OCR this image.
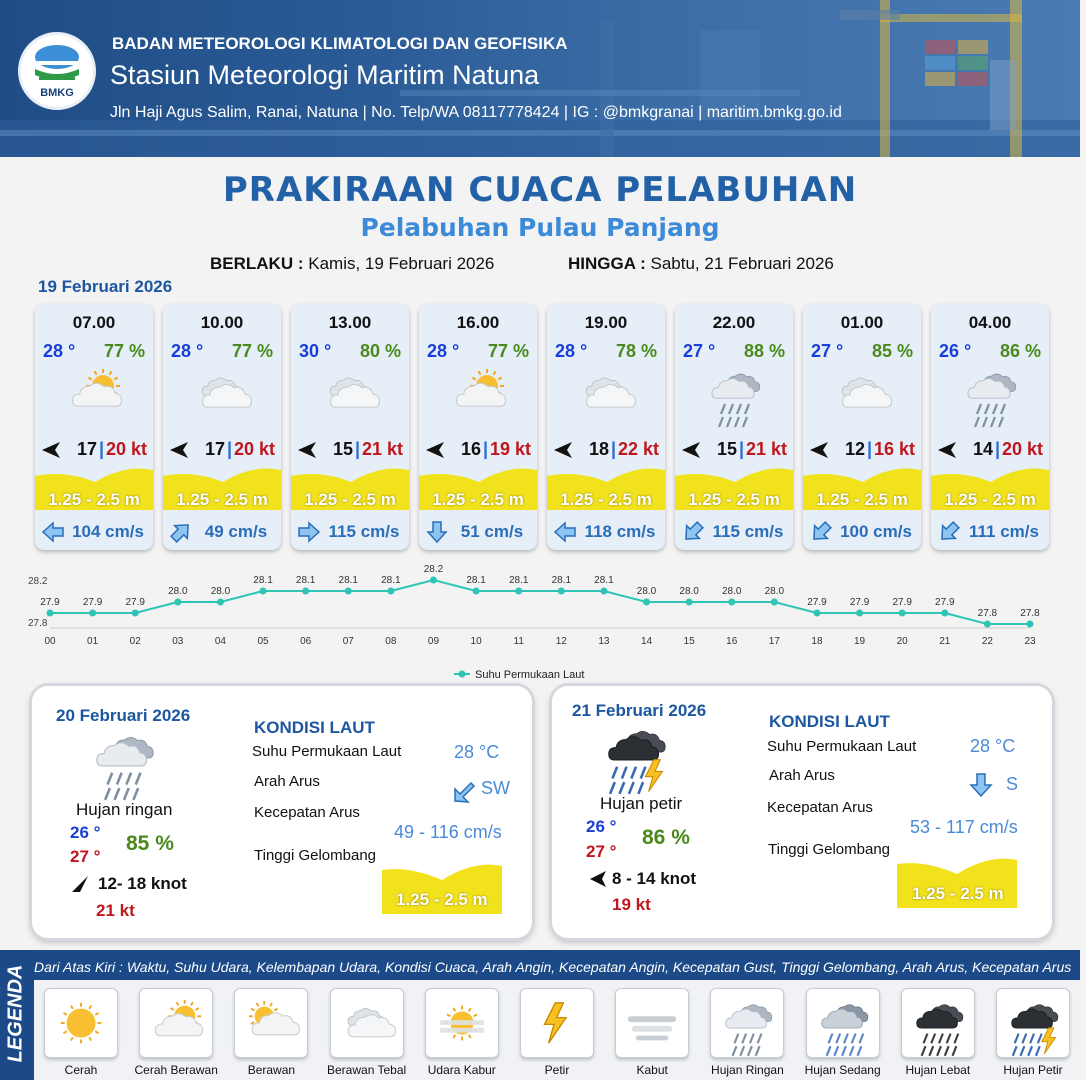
BMKG
BADAN METEOROLOGI KLIMATOLOGI DAN GEOFISIKA
Stasiun Meteorologi Maritim Natuna
Jln Haji Agus Salim, Ranai, Natuna | No. Telp/WA 08117778424 | IG : @bmkgranai | maritim.bmkg.go.id
PRAKIRAAN CUACA PELABUHAN
Pelabuhan Pulau Panjang
BERLAKU : Kamis, 19 Februari 2026	HINGGA : Sabtu, 21 Februari 2026
19 Februari 2026
07.00
28 ° 77 %
17 | 20 kt
1.25 - 2.5 m
104 cm/s
10.00
28 ° 77 %
17 | 20 kt
1.25 - 2.5 m
49 cm/s
13.00
30 ° 80 %
15 | 21 kt
1.25 - 2.5 m
115 cm/s
16.00
28 ° 77 %
16 | 19 kt
1.25 - 2.5 m
51 cm/s
19.00
28 ° 78 %
18 | 22 kt
1.25 - 2.5 m
118 cm/s
22.00
27 ° 88 %
15 | 21 kt
1.25 - 2.5 m
115 cm/s
01.00
27 ° 85 %
12 | 16 kt
1.25 - 2.5 m
100 cm/s
04.00
26 ° 86 %
14 | 20 kt
1.25 - 2.5 m
111 cm/s
28.2
27.8
27.9
00
27.9
01
27.9
02
28.0
03
28.0
04
28.1
05
28.1
06
28.1
07
28.1
08
28.2
09
28.1
10
28.1
11
28.1
12
28.1
13
28.0
14
28.0
15
28.0
16
28.0
17
27.9
18
27.9
19
27.9
20
27.9
21
27.8
22
27.8
23
Suhu Permukaan Laut
20 Februari 2026
Hujan ringan
26 °
27 °
85 %
12- 18 knot
21 kt
KONDISI LAUT
Suhu Permukaan Laut	28 °C
Arah Arus	SW
Kecepatan Arus
49 - 116 cm/s
Tinggi Gelombang
1.25 - 2.5 m
21 Februari 2026
Hujan petir
26 °
27 °
86 %
8 - 14 knot
19 kt
KONDISI LAUT
Suhu Permukaan Laut	28 °C
Arah Arus	S
Kecepatan Arus
53 - 117 cm/s
Tinggi Gelombang
1.25 - 2.5 m
LEGENDA Dari Atas Kiri : Waktu, Suhu Udara, Kelembapan Udara, Kondisi Cuaca, Arah Angin, Kecepatan Angin, Kecepatan Gust, Tinggi Gelombang, Arah Arus, Kecepatan Arus
Cerah	Cerah Berawan	Berawan	Berawan Tebal	Udara Kabur	Petir	Kabut	Hujan Ringan	Hujan Sedang	Hujan Lebat	Hujan Petir
